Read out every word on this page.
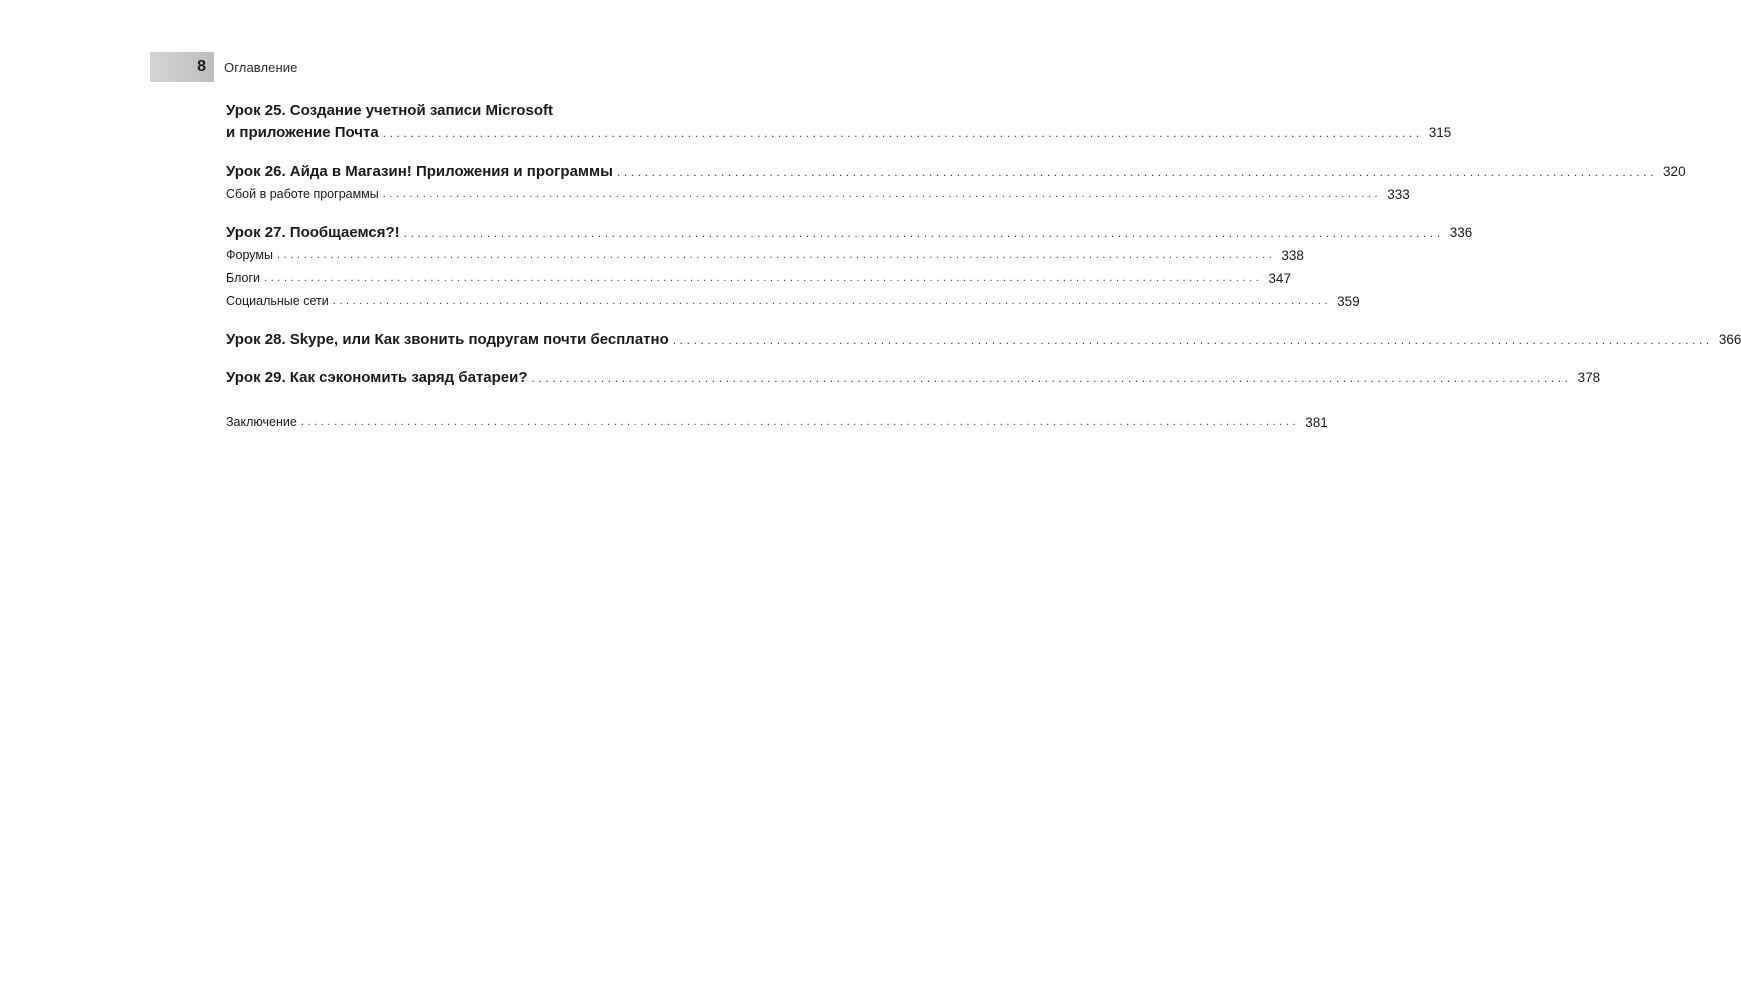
8 Оглавление
Урок 25. Создание учетной записи Microsoft
и приложение Почта ...................................................................................................................................................... 315
Урок 26. Айда в Магазин! Приложения и программы ...................................................................................................................................................... 320
Сбой в работе программы ...................................................................................................................................................... 333
Урок 27. Пообщаемся?! ...................................................................................................................................................... 336
Форумы ...................................................................................................................................................... 338
Блоги ...................................................................................................................................................... 347
Социальные сети ...................................................................................................................................................... 359
Урок 28. Skype, или Как звонить подругам почти бесплатно ...................................................................................................................................................... 366
Урок 29. Как сэкономить заряд батареи? ...................................................................................................................................................... 378
Заключение ...................................................................................................................................................... 381
